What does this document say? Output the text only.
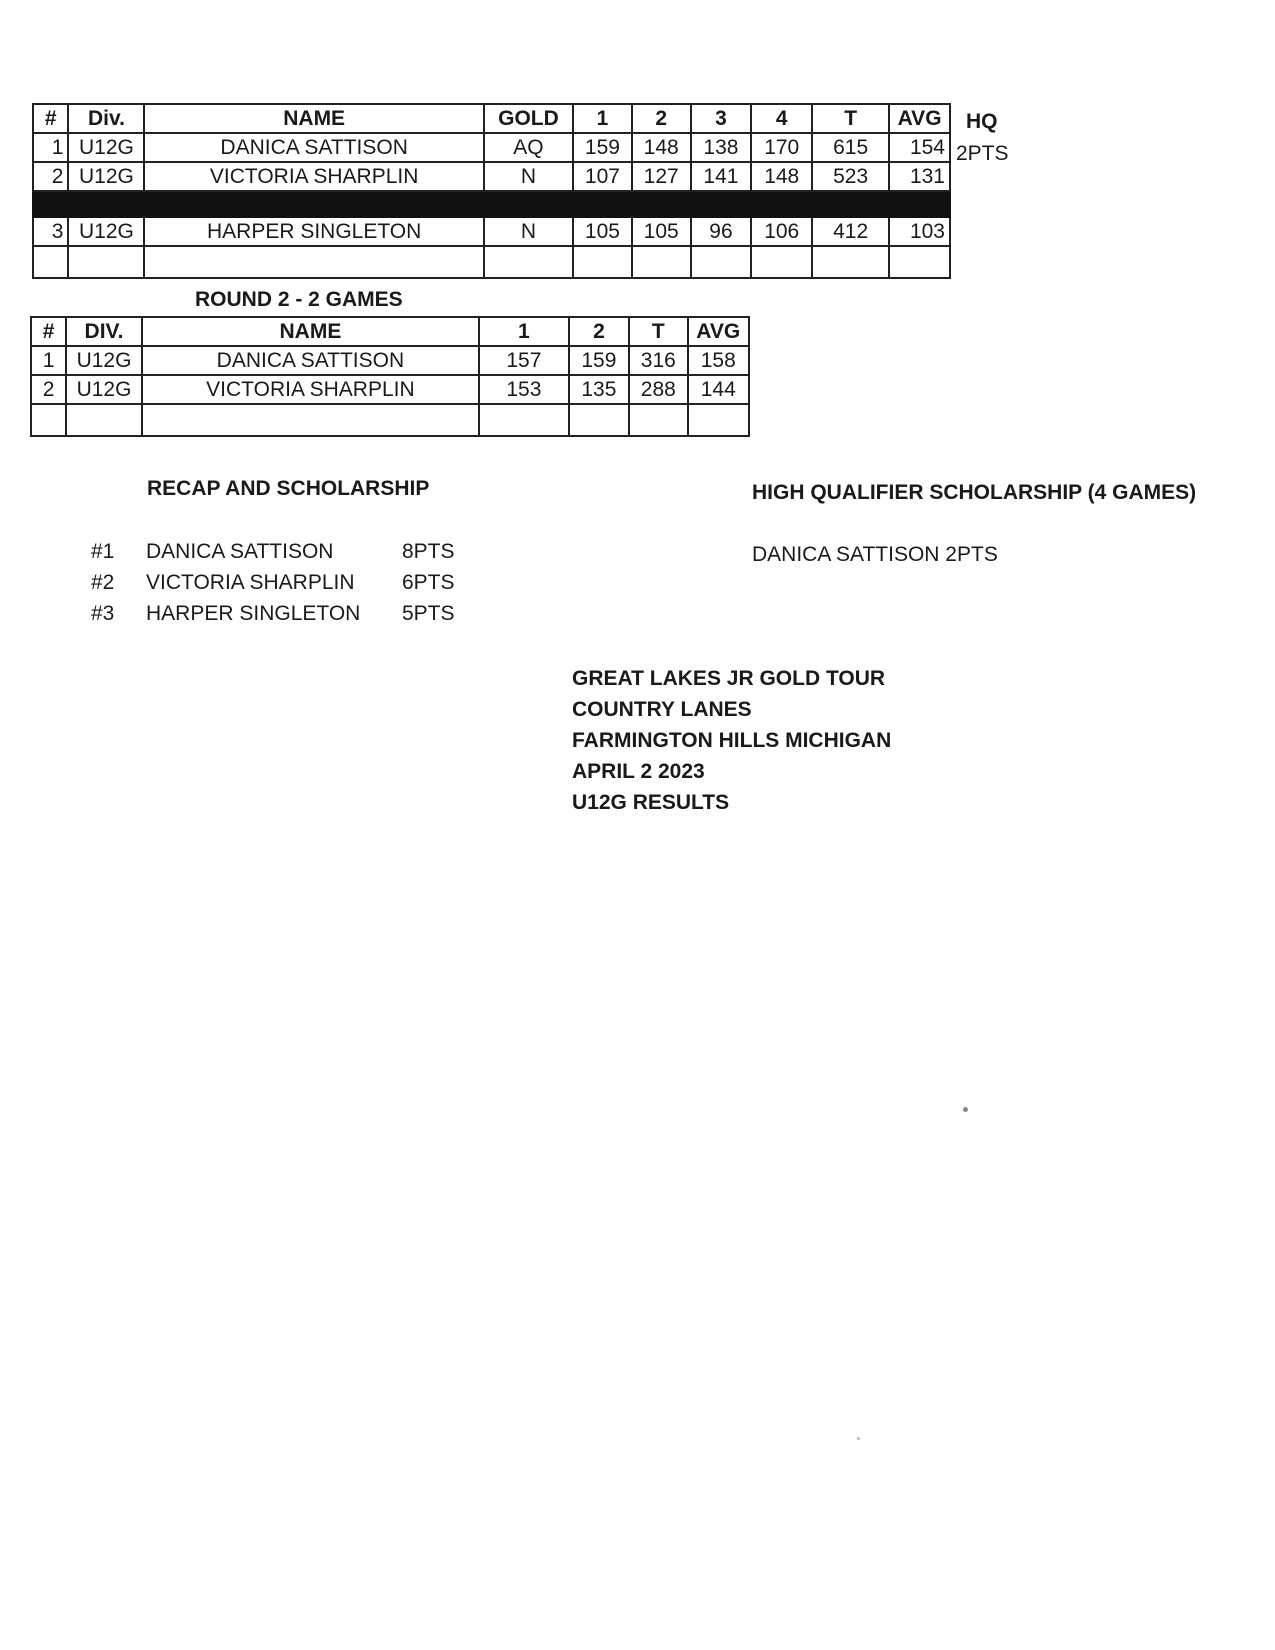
#	Div.	NAME	GOLD	1	2	3	4	T	AVG
1	U12G	DANICA SATTISON	AQ	159	148	138	170	615	154
2	U12G	VICTORIA SHARPLIN	N	107	127	141	148	523	131

3	U12G	HARPER SINGLETON	N	105	105	96	106	412	103

HQ
2PTS
ROUND 2 - 2 GAMES
#	DIV.	NAME	1	2	T	AVG
1	U12G	DANICA SATTISON	157	159	316	158
2	U12G	VICTORIA SHARPLIN	153	135	288	144

RECAP AND SCHOLARSHIP
#1 DANICA SATTISON	8PTS
#2 VICTORIA SHARPLIN 6PTS
#3 HARPER SINGLETON 5PTS
HIGH QUALIFIER SCHOLARSHIP (4 GAMES)
DANICA SATTISON 2PTS
GREAT LAKES JR GOLD TOUR
COUNTRY LANES
FARMINGTON HILLS MICHIGAN
APRIL 2 2023
U12G RESULTS
